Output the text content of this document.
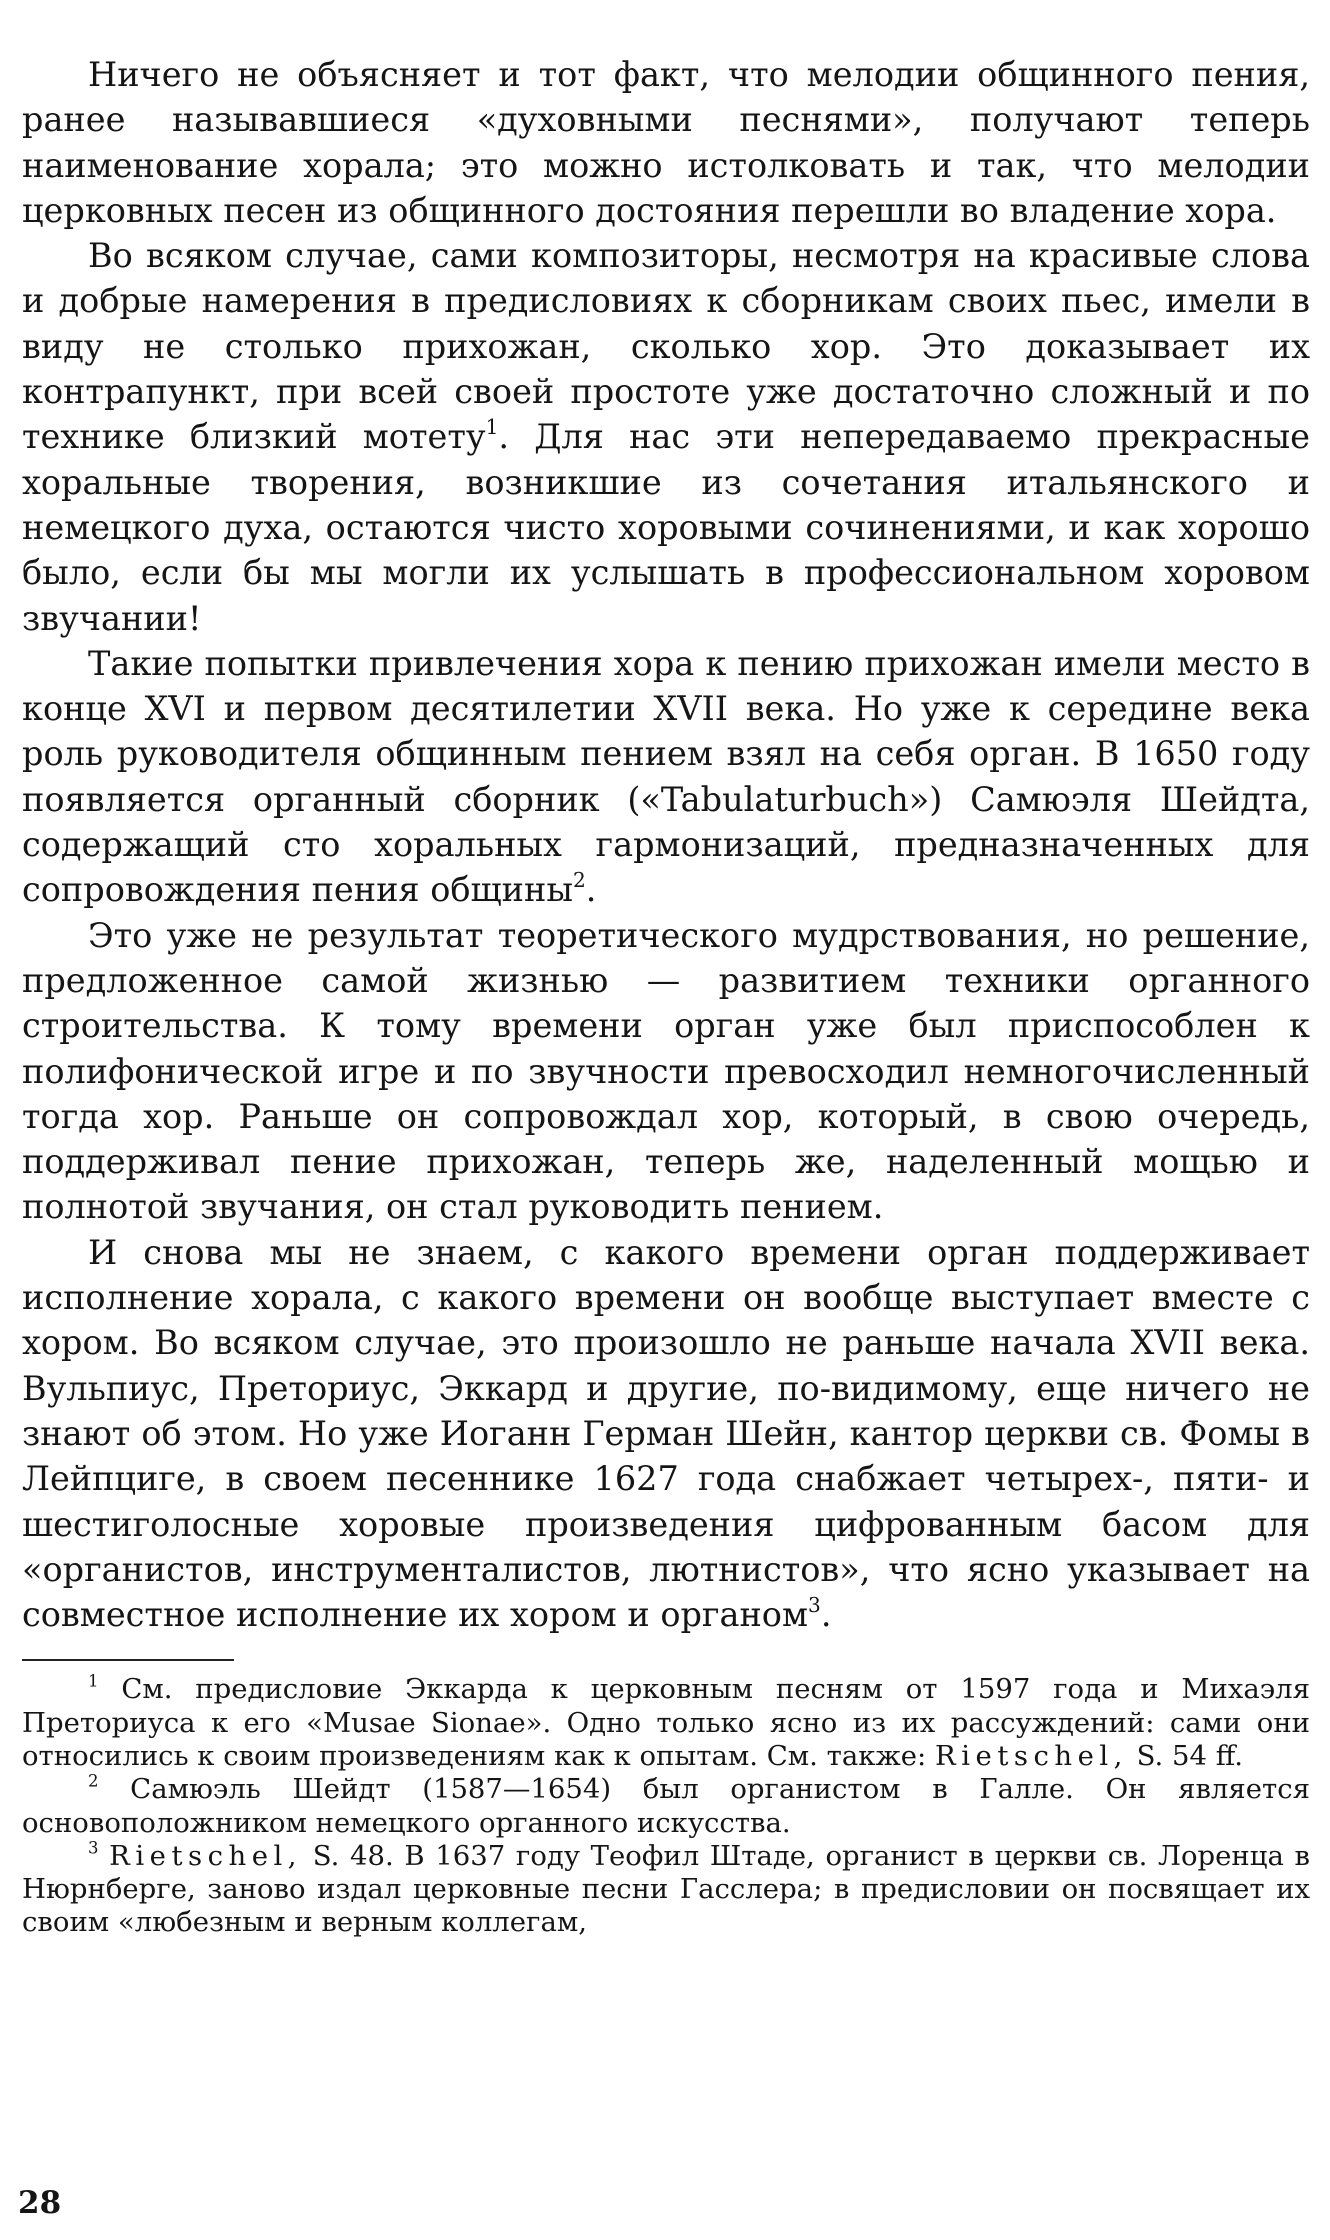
Ничего не объясняет и тот факт, что мелодии общинного пения, ранее называвшиеся «духовными песнями», получают теперь наименование хорала; это можно истолковать и так, что мелодии церковных песен из общинного достояния перешли во владение хора.

Во всяком случае, сами композиторы, несмотря на красивые слова и добрые намерения в предисловиях к сборникам своих пьес, имели в виду не столько прихожан, сколько хор. Это доказывает их контрапункт, при всей своей простоте уже достаточно сложный и по технике близкий мотету$^1$. Для нас эти непередаваемо прекрасные хоральные творения, возникшие из сочетания итальянского и немецкого духа, остаются чисто хоровыми сочинениями, и как хорошо было, если бы мы могли их услышать в профессиональном хоровом звучании!

Такие попытки привлечения хора к пению прихожан имели место в конце XVI и первом десятилетии XVII века. Но уже к середине века роль руководителя общинным пением взял на себя орган. В 1650 году появляется органный сборник («Tabulaturbuch») Самюэля Шейдта, содержащий сто хоральных гармонизаций, предназначенных для сопровождения пения общины$^2$.

Это уже не результат теоретического мудрствования, но решение, предложенное самой жизнью — развитием техники органного строительства. К тому времени орган уже был приспособлен к полифонической игре и по звучности превосходил немногочисленный тогда хор. Раньше он сопровождал хор, который, в свою очередь, поддерживал пение прихожан, теперь же, наделенный мощью и полнотой звучания, он стал руководить пением.

И снова мы не знаем, с какого времени орган поддерживает исполнение хорала, с какого времени он вообще выступает вместе с хором. Во всяком случае, это произошло не раньше начала XVII века. Вульпиус, Преториус, Эккард и другие, по-видимому, еще ничего не знают об этом. Но уже Иоганн Герман Шейн, кантор церкви св. Фомы в Лейпциге, в своем песеннике 1627 года снабжает четырех-, пяти- и шестиголосные хоровые произведения цифрованным басом для «органистов, инструменталистов, лютнистов», что ясно указывает на совместное исполнение их хором и органом$^3$.

$^1$ См. предисловие Эккарда к церковным песням от 1597 года и Михаэля Преториуса к его «Musae Sionae». Одно только ясно из их рассуждений: сами они относились к своим произведениям как к опытам. См. также: Rietschel, S. 54 ff.

$^2$ Самюэль Шейдт (1587—1654) был органистом в Галле. Он является основоположником немецкого органного искусства.

$^3$ Rietschel, S. 48. В 1637 году Теофил Штаде, органист в церкви св. Лоренца в Нюрнберге, заново издал церковные песни Гасслера; в предисловии он посвящает их своим «любезным и верным коллегам,

28
